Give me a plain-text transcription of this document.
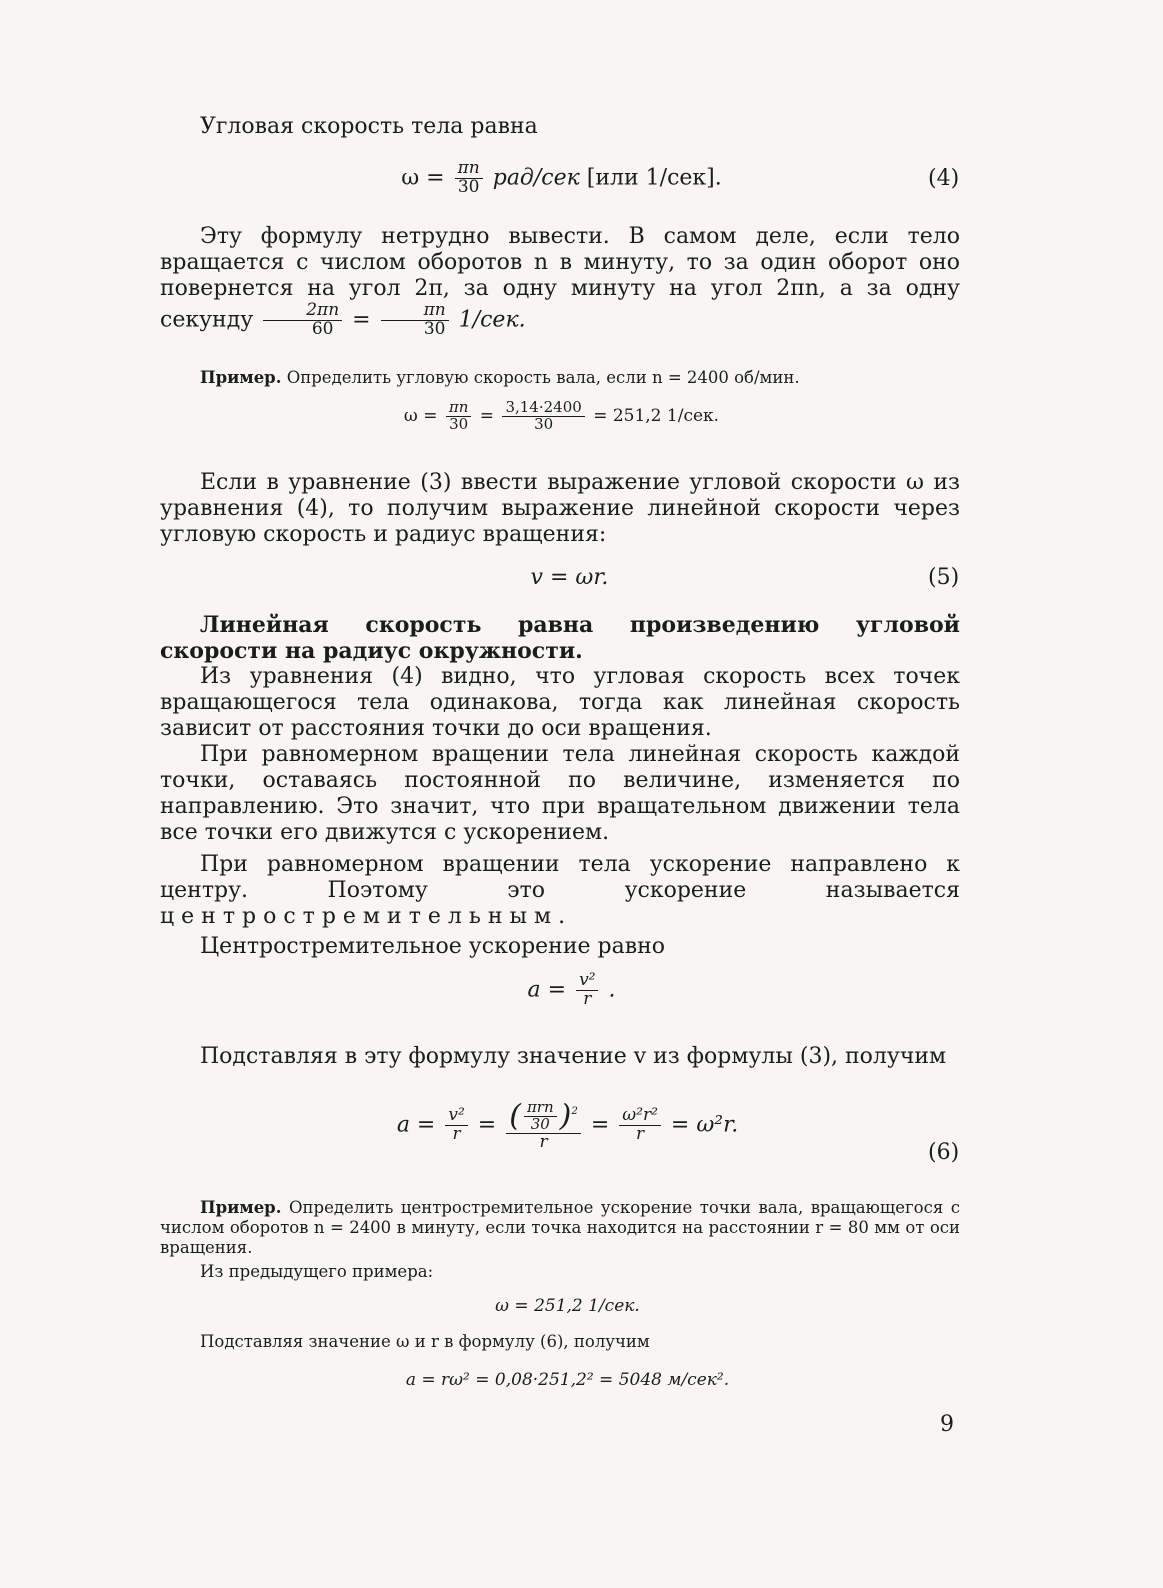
Угловая скорость тела равна

$\omega = \frac{\pi n}{30} рад/сек$ [или 1/сек].	(4)

Эту формулу нетрудно вывести. В самом деле, если тело вращается с числом оборотов n в минуту, то за один оборот оно повернется на угол 2π, за одну минуту на угол 2πn, а за одну секунду $\frac{2\pi n}{60} = \frac{\pi n}{30} 1/сек$.

Пример. Определить угловую скорость вала, если n = 2400 об/мин.

$\omega = \frac{\pi n}{30} = \frac{3,14\cdot 2400}{30} = 251,2$ 1/сек.

Если в уравнение (3) ввести выражение угловой скорости ω из уравнения (4), то получим выражение линейной скорости через угловую скорость и радиус вращения:

v = ωr.	(5)

Линейная скорость равна произведению угловой скорости на радиус окружности.

Из уравнения (4) видно, что угловая скорость всех точек вращающегося тела одинакова, тогда как линейная скорость зависит от расстояния точки до оси вращения.

При равномерном вращении тела линейная скорость каждой точки, оставаясь постоянной по величине, изменяется по направлению. Это значит, что при вращательном движении тела все точки его движутся с ускорением.

При равномерном вращении тела ускорение направлено к центру. Поэтому это ускорение называется центростремительным.

Центростремительное ускорение равно

$a = \frac{\text{v²}}{r}$ .

Подставляя в эту формулу значение v из формулы (3), получим

$a = \frac{\text{v²}}{r} = \frac{( \frac{\text{πrn}}{30} )^2}{r} = \frac{\text{ω²r²}}{r} = \omega^2r$.
(6)

Пример. Определить центростремительное ускорение точки вала, вращающегося с числом оборотов n = 2400 в минуту, если точка находится на расстоянии r = 80 мм от оси вращения.

Из предыдущего примера:

ω = 251,2 1/сек.

Подставляя значение ω и r в формулу (6), получим

a = rω² = 0,08·251,2² = 5048 м/сек².
9
